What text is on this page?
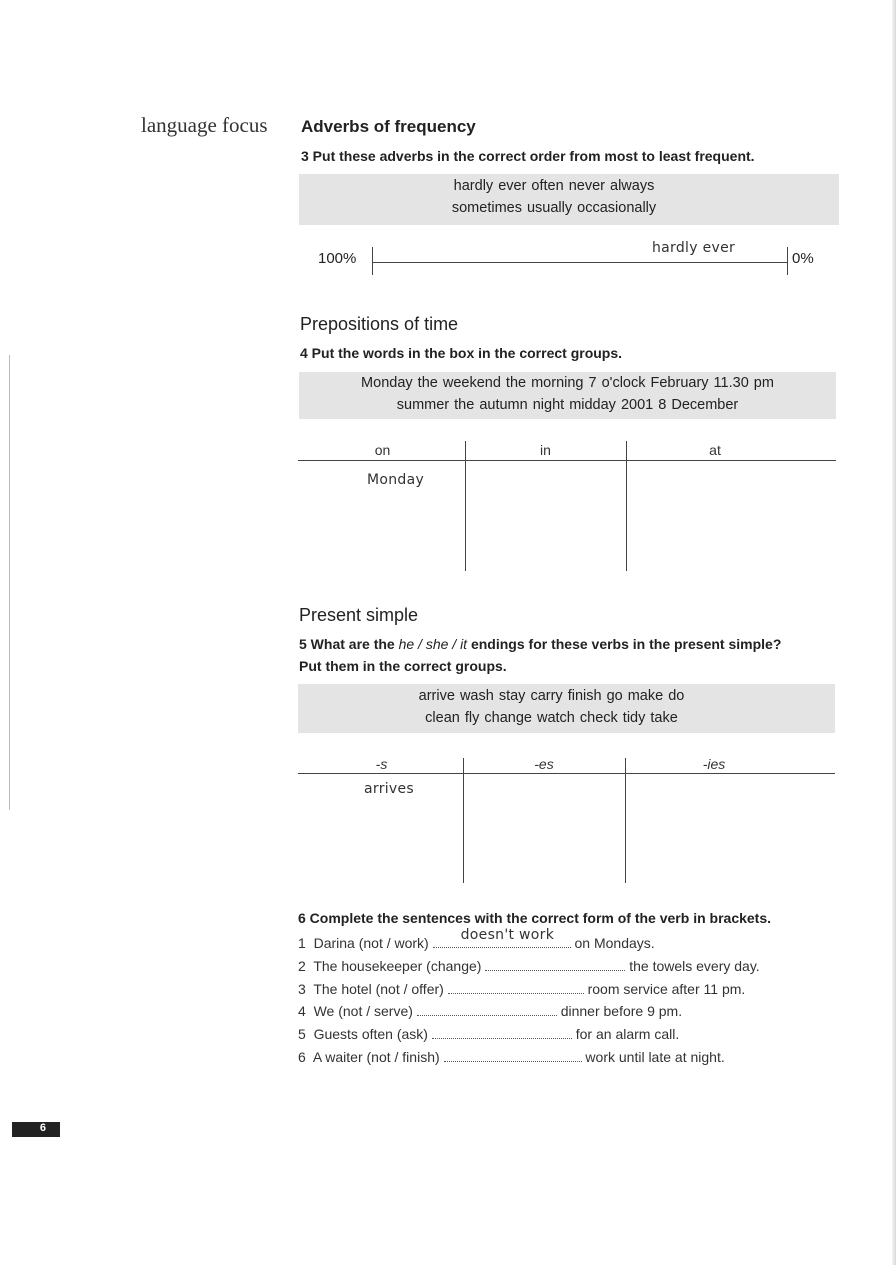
language focus Adverbs of frequency
3 Put these adverbs in the correct order from most to least frequent.
hardly ever often never always
sometimes usually occasionally
100%	0%
hardly ever
Prepositions of time
4 Put the words in the box in the correct groups.
Monday the weekend the morning 7 o'clock February 11.30 pm
summer the autumn night midday 2001 8 December
on	in	at
Monday
Present simple
5 What are the he / she / it endings for these verbs in the present simple?
Put them in the correct groups.
arrive wash stay carry finish go make do
clean fly change watch check tidy take
-s	-es	-ies
arrives
6 Complete the sentences with the correct form of the verb in brackets.
1 Darina (not / work) doesn't work on Mondays.
2 The housekeeper (change)	the towels every day.
3 The hotel (not / offer)	room service after 11 pm.
4 We (not / serve)	dinner before 9 pm.
5 Guests often (ask)	for an alarm call.
6 A waiter (not / finish)	work until late at night.
6
